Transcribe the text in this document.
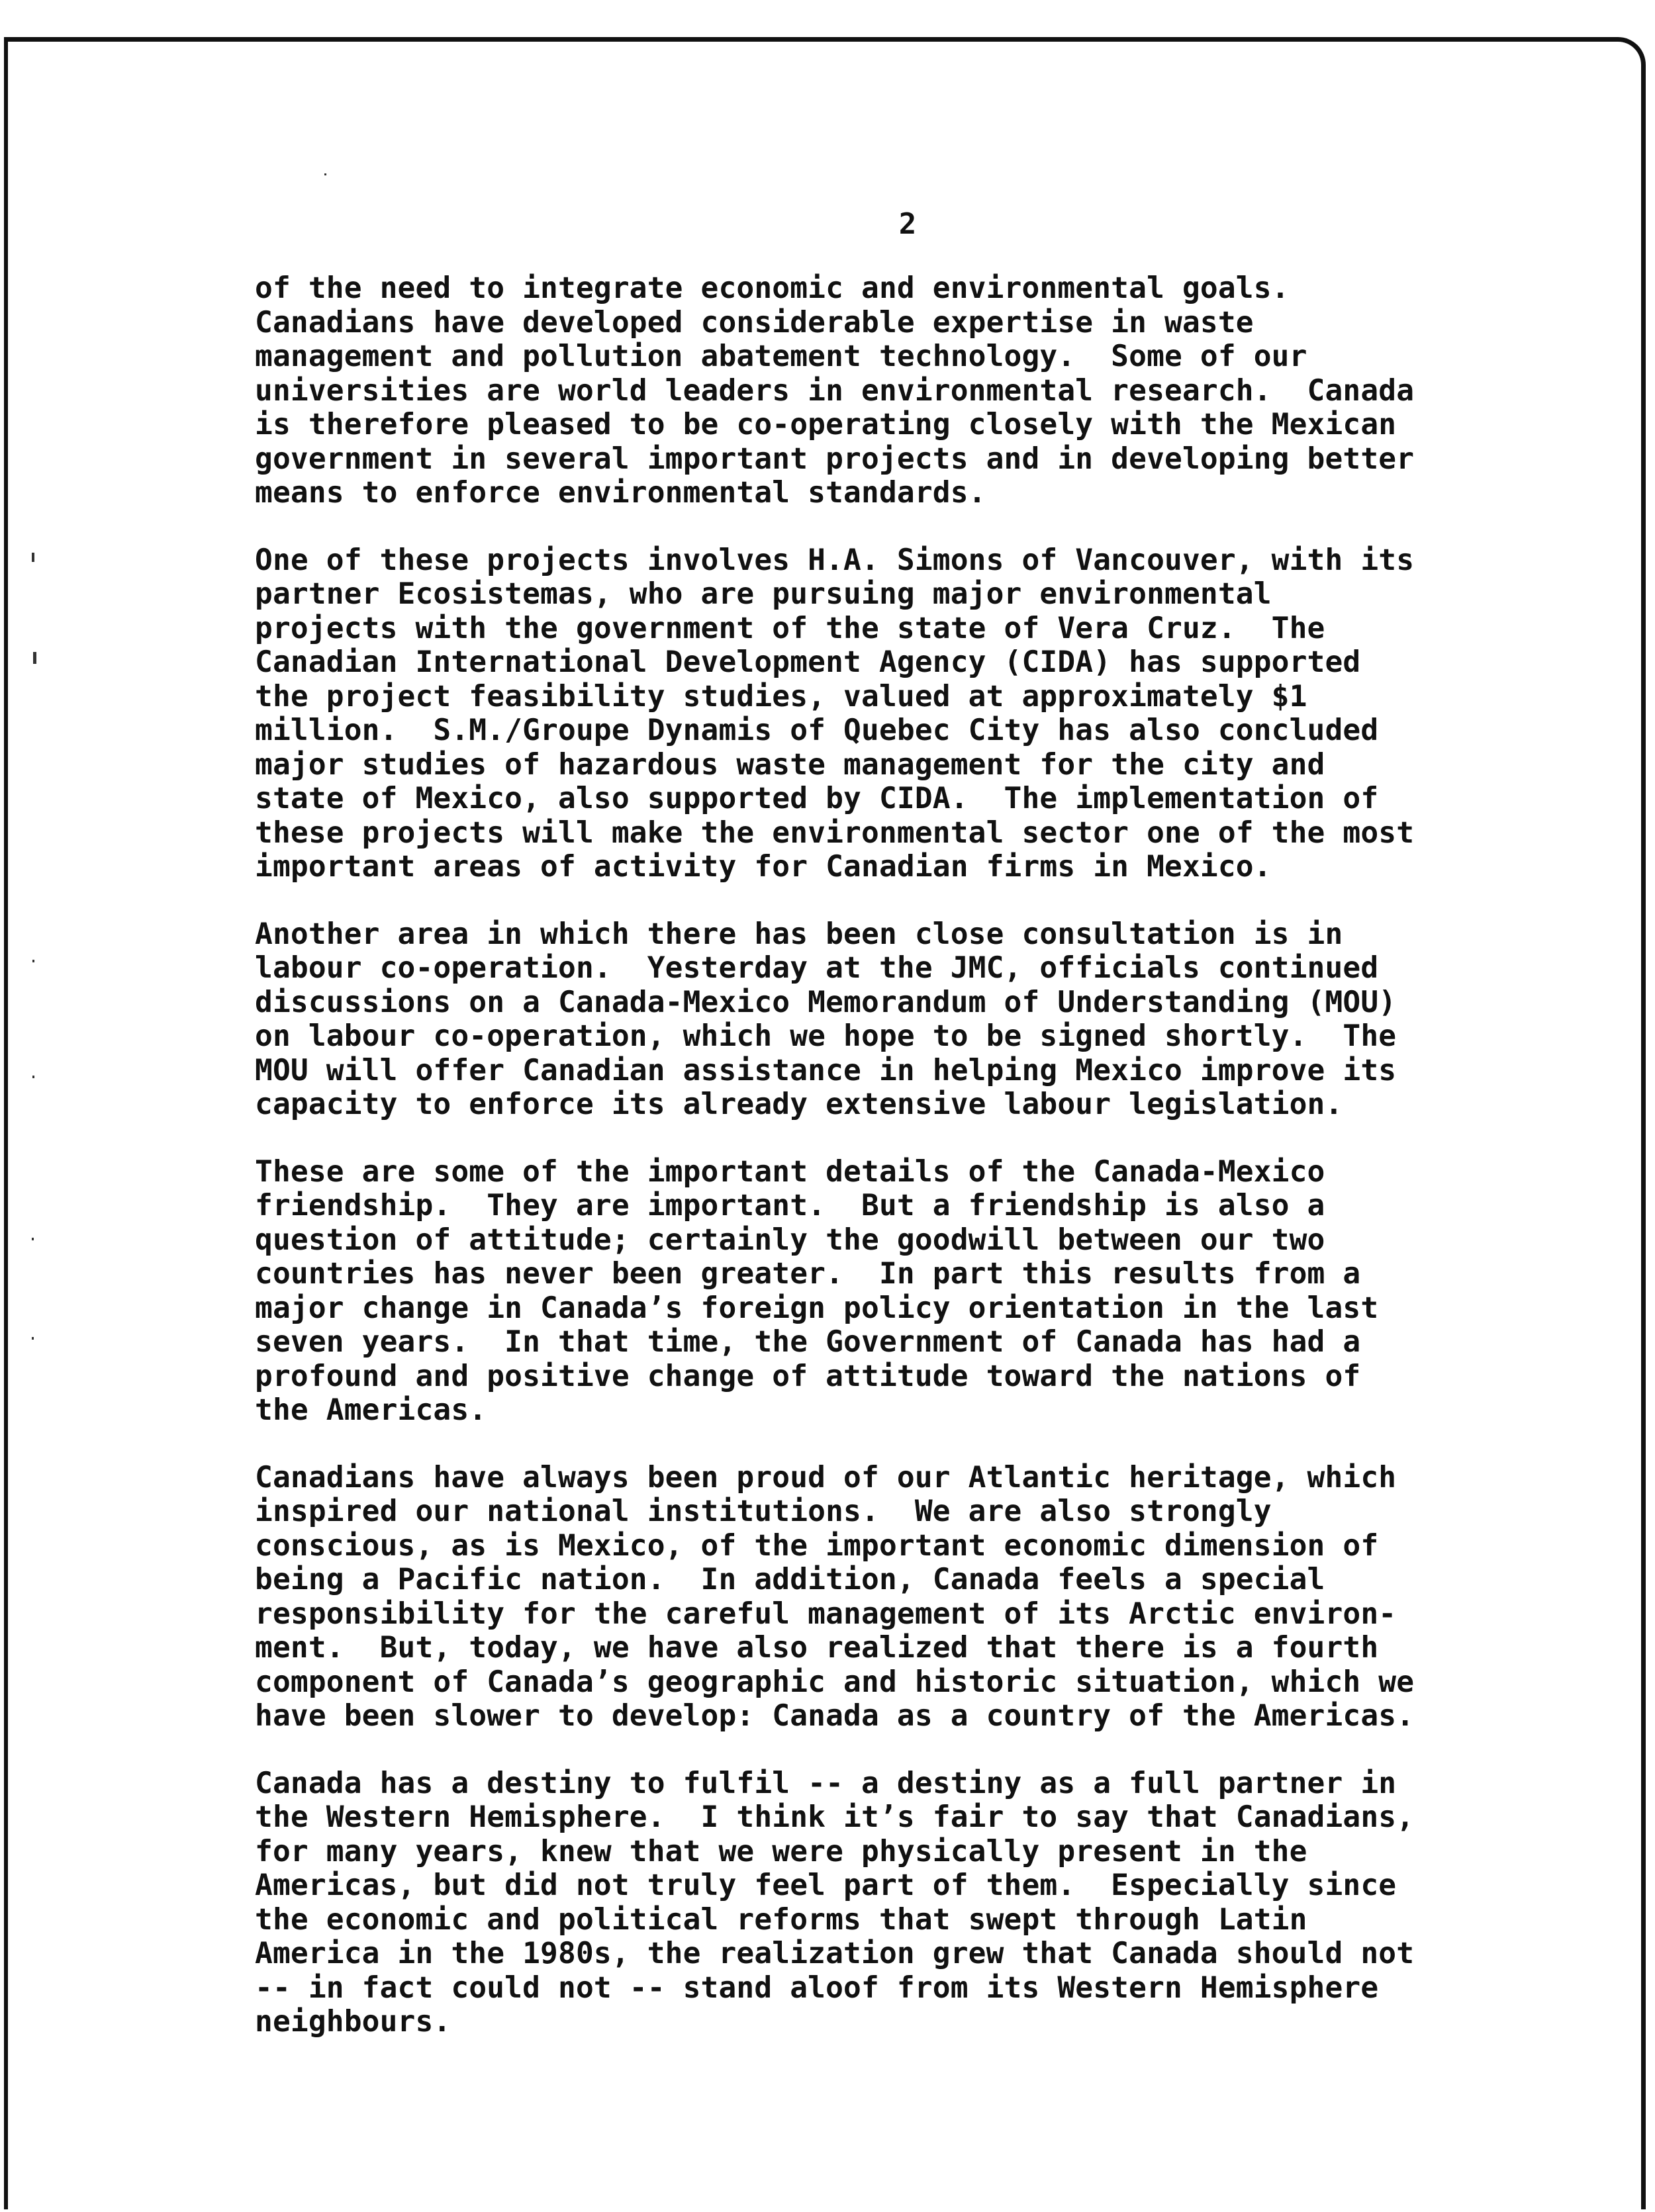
2
of the need to integrate economic and environmental goals.
Canadians have developed considerable expertise in waste
management and pollution abatement technology.  Some of our
universities are world leaders in environmental research.  Canada
is therefore pleased to be co-operating closely with the Mexican
government in several important projects and in developing better
means to enforce environmental standards.
One of these projects involves H.A. Simons of Vancouver, with its
partner Ecosistemas, who are pursuing major environmental
projects with the government of the state of Vera Cruz.  The
Canadian International Development Agency (CIDA) has supported
the project feasibility studies, valued at approximately $1
million.  S.M./Groupe Dynamis of Quebec City has also concluded
major studies of hazardous waste management for the city and
state of Mexico, also supported by CIDA.  The implementation of
these projects will make the environmental sector one of the most
important areas of activity for Canadian firms in Mexico.
Another area in which there has been close consultation is in
labour co-operation.  Yesterday at the JMC, officials continued
discussions on a Canada-Mexico Memorandum of Understanding (MOU)
on labour co-operation, which we hope to be signed shortly.  The
MOU will offer Canadian assistance in helping Mexico improve its
capacity to enforce its already extensive labour legislation.
These are some of the important details of the Canada-Mexico
friendship.  They are important.  But a friendship is also a
question of attitude; certainly the goodwill between our two
countries has never been greater.  In part this results from a
major change in Canada’s foreign policy orientation in the last
seven years.  In that time, the Government of Canada has had a
profound and positive change of attitude toward the nations of
the Americas.
Canadians have always been proud of our Atlantic heritage, which
inspired our national institutions.  We are also strongly
conscious, as is Mexico, of the important economic dimension of
being a Pacific nation.  In addition, Canada feels a special
responsibility for the careful management of its Arctic environ-
ment.  But, today, we have also realized that there is a fourth
component of Canada’s geographic and historic situation, which we
have been slower to develop: Canada as a country of the Americas.
Canada has a destiny to fulfil -- a destiny as a full partner in
the Western Hemisphere.  I think it’s fair to say that Canadians,
for many years, knew that we were physically present in the
Americas, but did not truly feel part of them.  Especially since
the economic and political reforms that swept through Latin
America in the 1980s, the realization grew that Canada should not
-- in fact could not -- stand aloof from its Western Hemisphere
neighbours.
